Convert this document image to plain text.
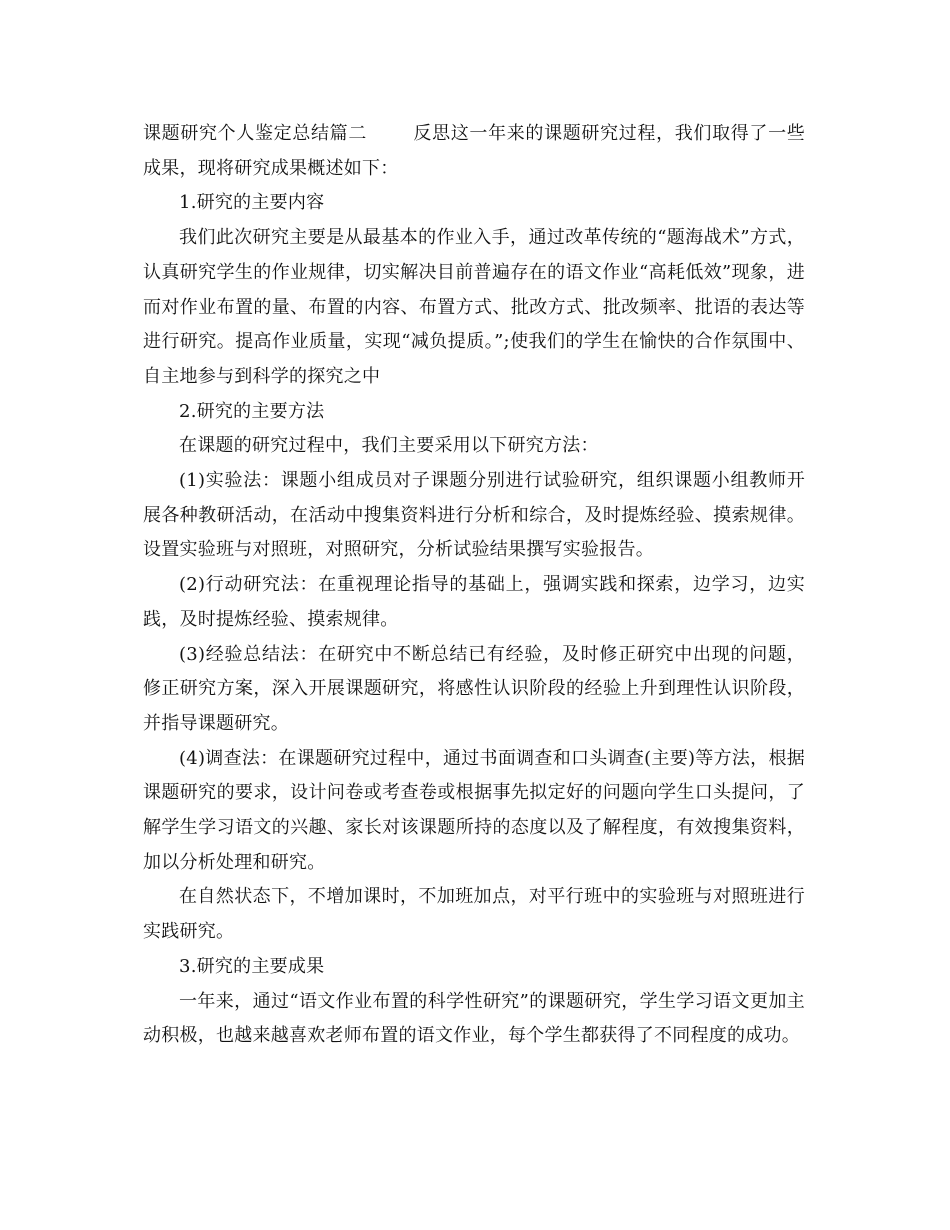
课题研究个人鉴定总结篇二	反思这一年来的课题研究过程，我们取得了一些成果，现将研究成果概述如下：

1.研究的主要内容

我们此次研究主要是从最基本的作业入手，通过改革传统的“题海战术”方式，认真研究学生的作业规律，切实解决目前普遍存在的语文作业“高耗低效”现象，进而对作业布置的量、布置的内容、布置方式、批改方式、批改频率、批语的表达等进行研究。提高作业质量，实现“减负提质。”;使我们的学生在愉快的合作氛围中、自主地参与到科学的探究之中

2.研究的主要方法

在课题的研究过程中，我们主要采用以下研究方法：

(1)实验法：课题小组成员对子课题分别进行试验研究，组织课题小组教师开展各种教研活动，在活动中搜集资料进行分析和综合，及时提炼经验、摸索规律。设置实验班与对照班，对照研究，分析试验结果撰写实验报告。

(2)行动研究法：在重视理论指导的基础上，强调实践和探索，边学习，边实践，及时提炼经验、摸索规律。

(3)经验总结法：在研究中不断总结已有经验，及时修正研究中出现的问题，修正研究方案，深入开展课题研究，将感性认识阶段的经验上升到理性认识阶段，并指导课题研究。

(4)调查法：在课题研究过程中，通过书面调查和口头调查(主要)等方法，根据课题研究的要求，设计问卷或考查卷或根据事先拟定好的问题向学生口头提问，了解学生学习语文的兴趣、家长对该课题所持的态度以及了解程度，有效搜集资料，加以分析处理和研究。

在自然状态下，不增加课时，不加班加点，对平行班中的实验班与对照班进行实践研究。

3.研究的主要成果

一年来，通过“语文作业布置的科学性研究”的课题研究，学生学习语文更加主动积极，也越来越喜欢老师布置的语文作业，每个学生都获得了不同程度的成功。
